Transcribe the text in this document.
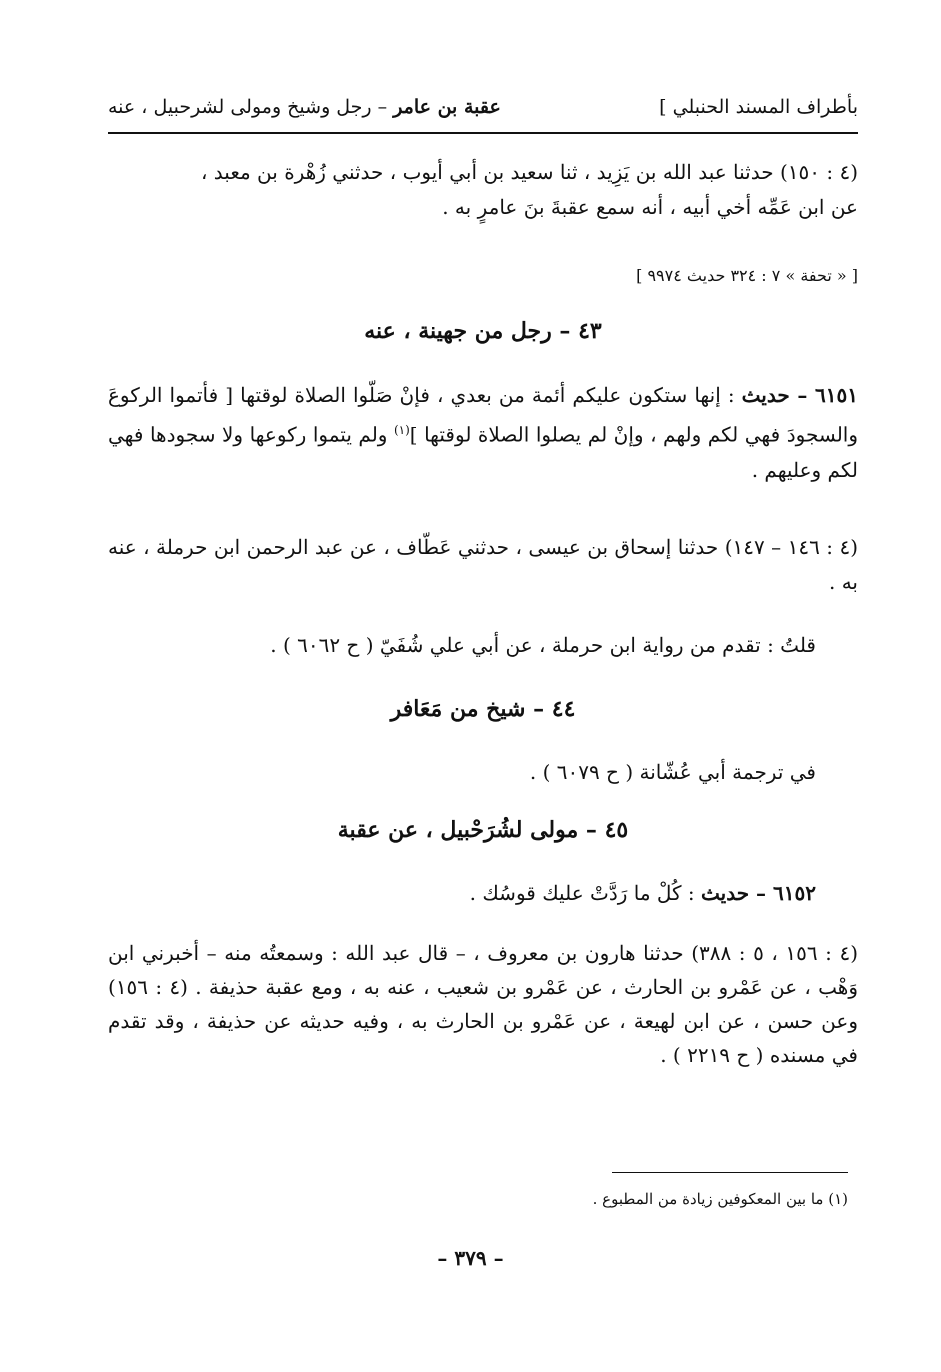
بأطراف المسند الحنبلي ]
عقبة بن عامر – رجل وشيخ ومولى لشرحبيل ، عنه
(٤ : ١٥٠) حدثنا عبد الله بن يَزِيد ، ثنا سعيد بن أبي أيوب ، حدثني زُهْرة بن معبد ،
عن ابن عَمِّه أخي أبيه ، أنه سمع عقبةَ بنَ عامرٍ به .
[ « تحفة » ٧ : ٣٢٤ حديث ٩٩٧٤ ]
٤٣ – رجل من جهينة ، عنه
٦١٥١ – حديث : إنها ستكون عليكم أئمة من بعدي ، فإنْ صَلّوا الصلاة لوقتها [ فأتموا الركوعَ والسجودَ فهي لكم ولهم ، وإنْ لم يصلوا الصلاة لوقتها ]$^{(١)}$ ولم يتموا ركوعها ولا سجودها فهي لكم وعليهم .
(٤ : ١٤٦ – ١٤٧) حدثنا إسحاق بن عيسى ، حدثني عَطّاف ، عن عبد الرحمن ابن حرملة ، عنه به .
قلتُ : تقدم من رواية ابن حرملة ، عن أبي علي شُفَيّ ( ح ٦٠٦٢ ) .
٤٤ – شيخ من مَعَافر
في ترجمة أبي عُشّانة ( ح ٦٠٧٩ ) .
٤٥ – مولى لشُرَحْبيل ، عن عقبة
٦١٥٢ – حديث : كُلْ ما رَدَّتْ عليك قوسُك .
(٤ : ١٥٦ ، ٥ : ٣٨٨) حدثنا هارون بن معروف ، – قال عبد الله : وسمعتُه منه – أخبرني ابن وَهْب ، عن عَمْرو بن الحارث ، عن عَمْرو بن شعيب ، عنه به ، ومع عقبة حذيفة . (٤ : ١٥٦) وعن حسن ، عن ابن لهيعة ، عن عَمْرو بن الحارث به ، وفيه حديثه عن حذيفة ، وقد تقدم في مسنده ( ح ٢٢١٩ ) .
(١) ما بين المعكوفين زيادة من المطبوع .
– ٣٧٩ –
